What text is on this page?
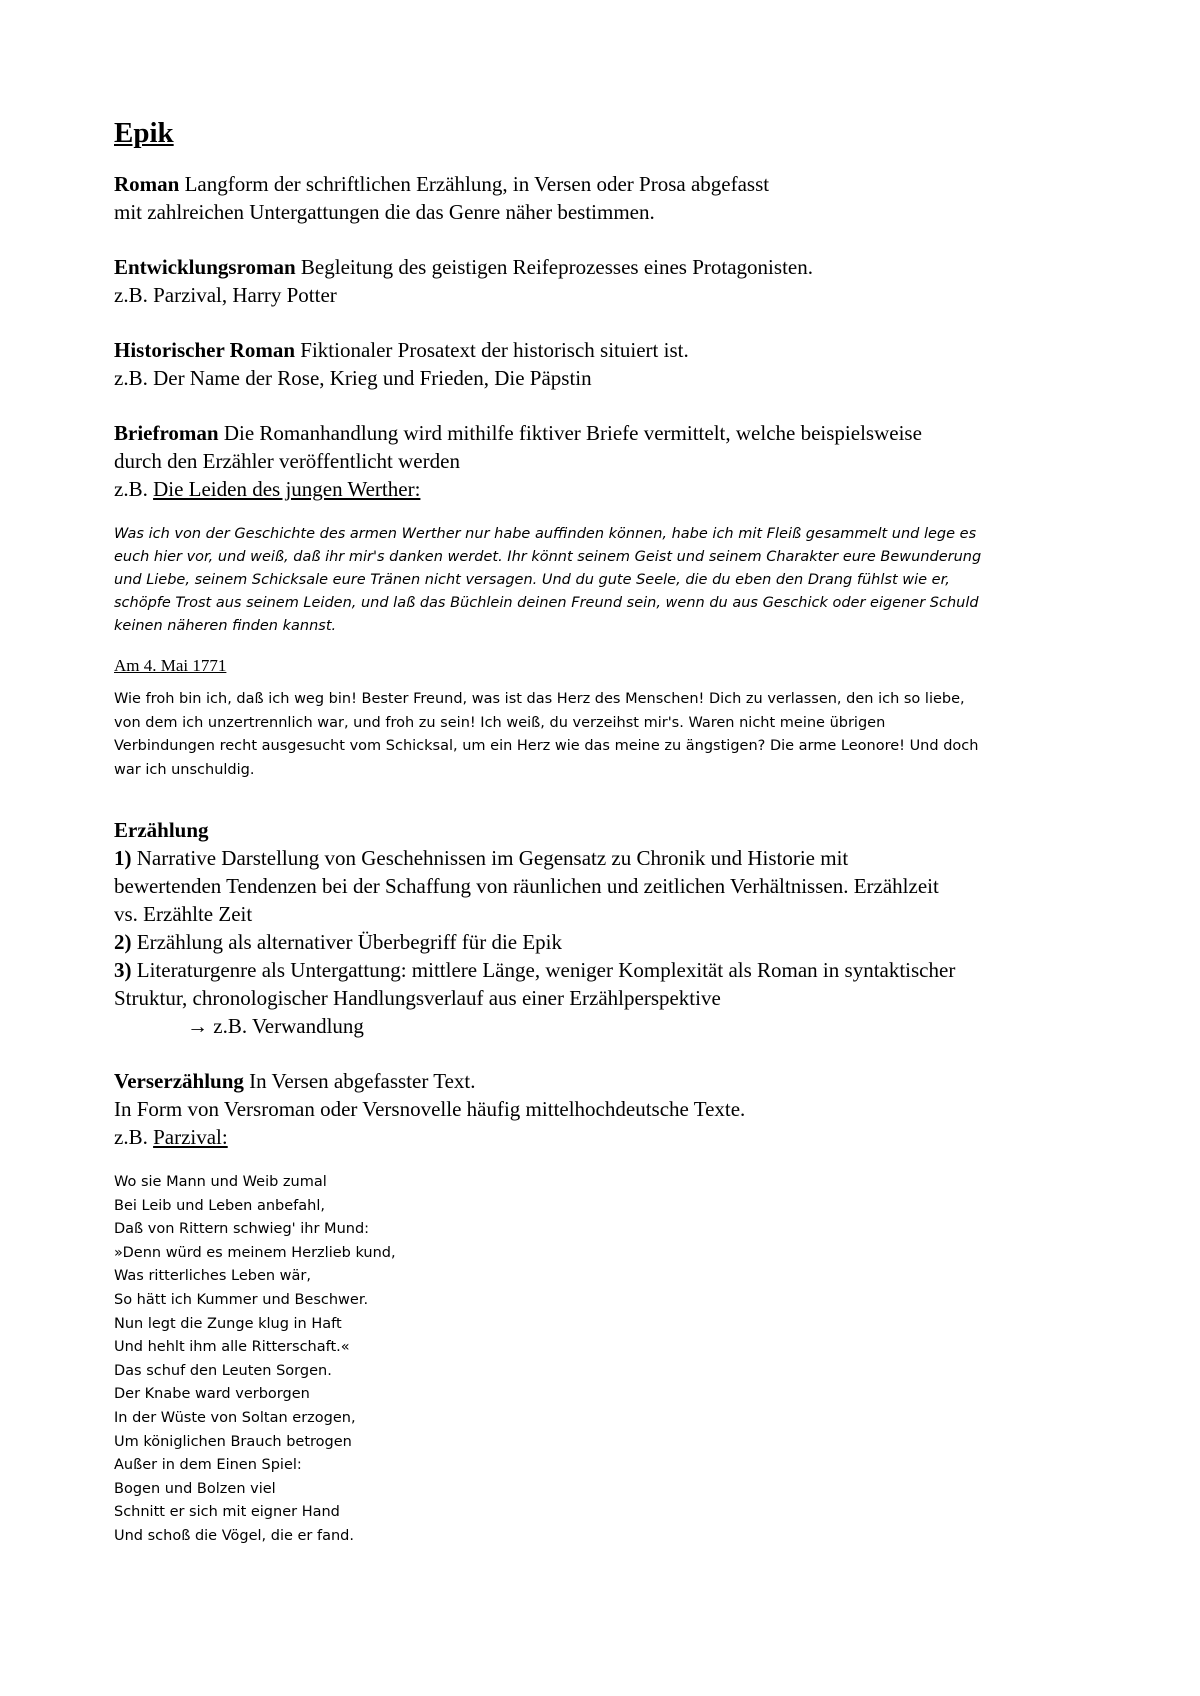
Epik
Roman Langform der schriftlichen Erzählung, in Versen oder Prosa abgefasst
mit zahlreichen Untergattungen die das Genre näher bestimmen.
Entwicklungsroman Begleitung des geistigen Reifeprozesses eines Protagonisten.
z.B. Parzival, Harry Potter
Historischer Roman Fiktionaler Prosatext der historisch situiert ist.
z.B. Der Name der Rose, Krieg und Frieden, Die Päpstin
Briefroman Die Romanhandlung wird mithilfe fiktiver Briefe vermittelt, welche beispielsweise
durch den Erzähler veröffentlicht werden
z.B. Die Leiden des jungen Werther:
Was ich von der Geschichte des armen Werther nur habe auffinden können, habe ich mit Fleiß gesammelt und lege es
euch hier vor, und weiß, daß ihr mir's danken werdet. Ihr könnt seinem Geist und seinem Charakter eure Bewunderung
und Liebe, seinem Schicksale eure Tränen nicht versagen. Und du gute Seele, die du eben den Drang fühlst wie er,
schöpfe Trost aus seinem Leiden, und laß das Büchlein deinen Freund sein, wenn du aus Geschick oder eigener Schuld
keinen näheren finden kannst.
Am 4. Mai 1771
Wie froh bin ich, daß ich weg bin! Bester Freund, was ist das Herz des Menschen! Dich zu verlassen, den ich so liebe,
von dem ich unzertrennlich war, und froh zu sein! Ich weiß, du verzeihst mir's. Waren nicht meine übrigen
Verbindungen recht ausgesucht vom Schicksal, um ein Herz wie das meine zu ängstigen? Die arme Leonore! Und doch
war ich unschuldig.
Erzählung
1) Narrative Darstellung von Geschehnissen im Gegensatz zu Chronik und Historie mit
bewertenden Tendenzen bei der Schaffung von räunlichen und zeitlichen Verhältnissen. Erzählzeit
vs. Erzählte Zeit
2) Erzählung als alternativer Überbegriff für die Epik
3) Literaturgenre als Untergattung: mittlere Länge, weniger Komplexität als Roman in syntaktischer
Struktur, chronologischer Handlungsverlauf aus einer Erzählperspektive
→ z.B. Verwandlung
Verserzählung In Versen abgefasster Text.
In Form von Versroman oder Versnovelle häufig mittelhochdeutsche Texte.
z.B. Parzival:
Wo sie Mann und Weib zumal
Bei Leib und Leben anbefahl,
Daß von Rittern schwieg' ihr Mund:
»Denn würd es meinem Herzlieb kund,
Was ritterliches Leben wär,
So hätt ich Kummer und Beschwer.
Nun legt die Zunge klug in Haft
Und hehlt ihm alle Ritterschaft.«
Das schuf den Leuten Sorgen.
Der Knabe ward verborgen
In der Wüste von Soltan erzogen,
Um königlichen Brauch betrogen
Außer in dem Einen Spiel:
Bogen und Bolzen viel
Schnitt er sich mit eigner Hand
Und schoß die Vögel, die er fand.
